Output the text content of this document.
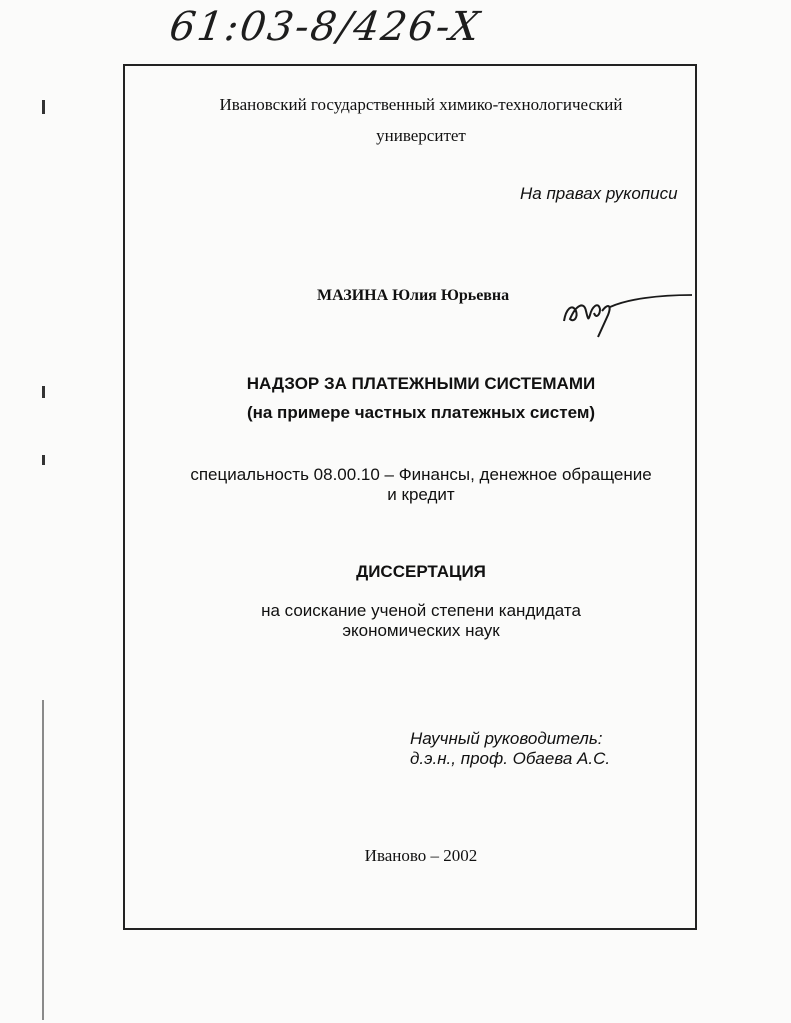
61:03-8/426-X
Ивановский государственный химико-технологический
университет
На правах рукописи
МАЗИНА Юлия Юрьевна
НАДЗОР ЗА ПЛАТЕЖНЫМИ СИСТЕМАМИ
(на примере частных платежных систем)
специальность 08.00.10 – Финансы, денежное обращение
и кредит
ДИССЕРТАЦИЯ
на соискание ученой степени кандидата
экономических наук
Научный руководитель:
д.э.н., проф. Обаева А.С.
Иваново – 2002
